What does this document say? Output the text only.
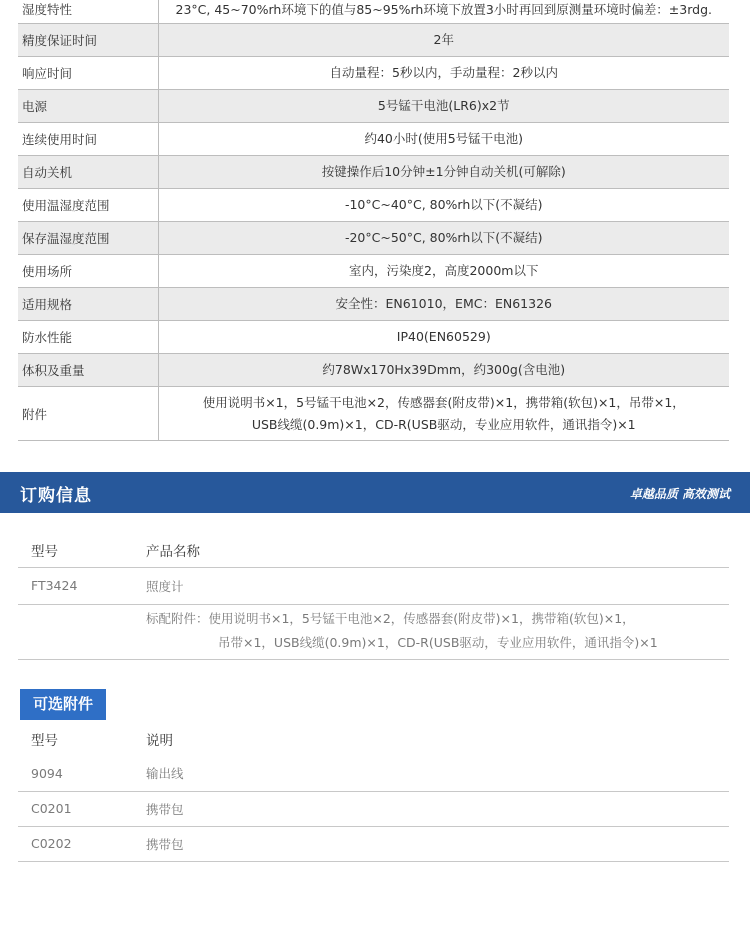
湿度特性	23°C, 45~70%rh环境下的值与85~95%rh环境下放置3小时再回到原测量环境时偏差：±3rdg.

精度保证时间	2年

响应时间	自动量程：5秒以内，手动量程：2秒以内

电源	5号锰干电池(LR6)x2节

连续使用时间	约40小时(使用5号锰干电池)

自动关机	按键操作后10分钟±1分钟自动关机(可解除)

使用温湿度范围	-10°C~40°C, 80%rh以下(不凝结)

保存温湿度范围	-20°C~50°C, 80%rh以下(不凝结)

使用场所	室内，污染度2，高度2000m以下

适用规格	安全性：EN61010，EMC：EN61326

防水性能	IP40(EN60529)

体积及重量	约78Wx170Hx39Dmm，约300g(含电池)

附件	使用说明书×1，5号锰干电池×2，传感器套(附皮带)×1，携带箱(软包)×1，吊带×1，
USB线缆(0.9m)×1，CD-R(USB驱动，专业应用软件，通讯指令)×1
订购信息	卓越品质 高效测试
型号	产品名称
FT3424	照度计

	标配附件：使用说明书×1，5号锰干电池×2，传感器套(附皮带)×1，携带箱(软包)×1，
吊带×1，USB线缆(0.9m)×1，CD-R(USB驱动，专业应用软件，通讯指令)×1
可选附件
型号	说明
9094	输出线
C0201	携带包
C0202	携带包
